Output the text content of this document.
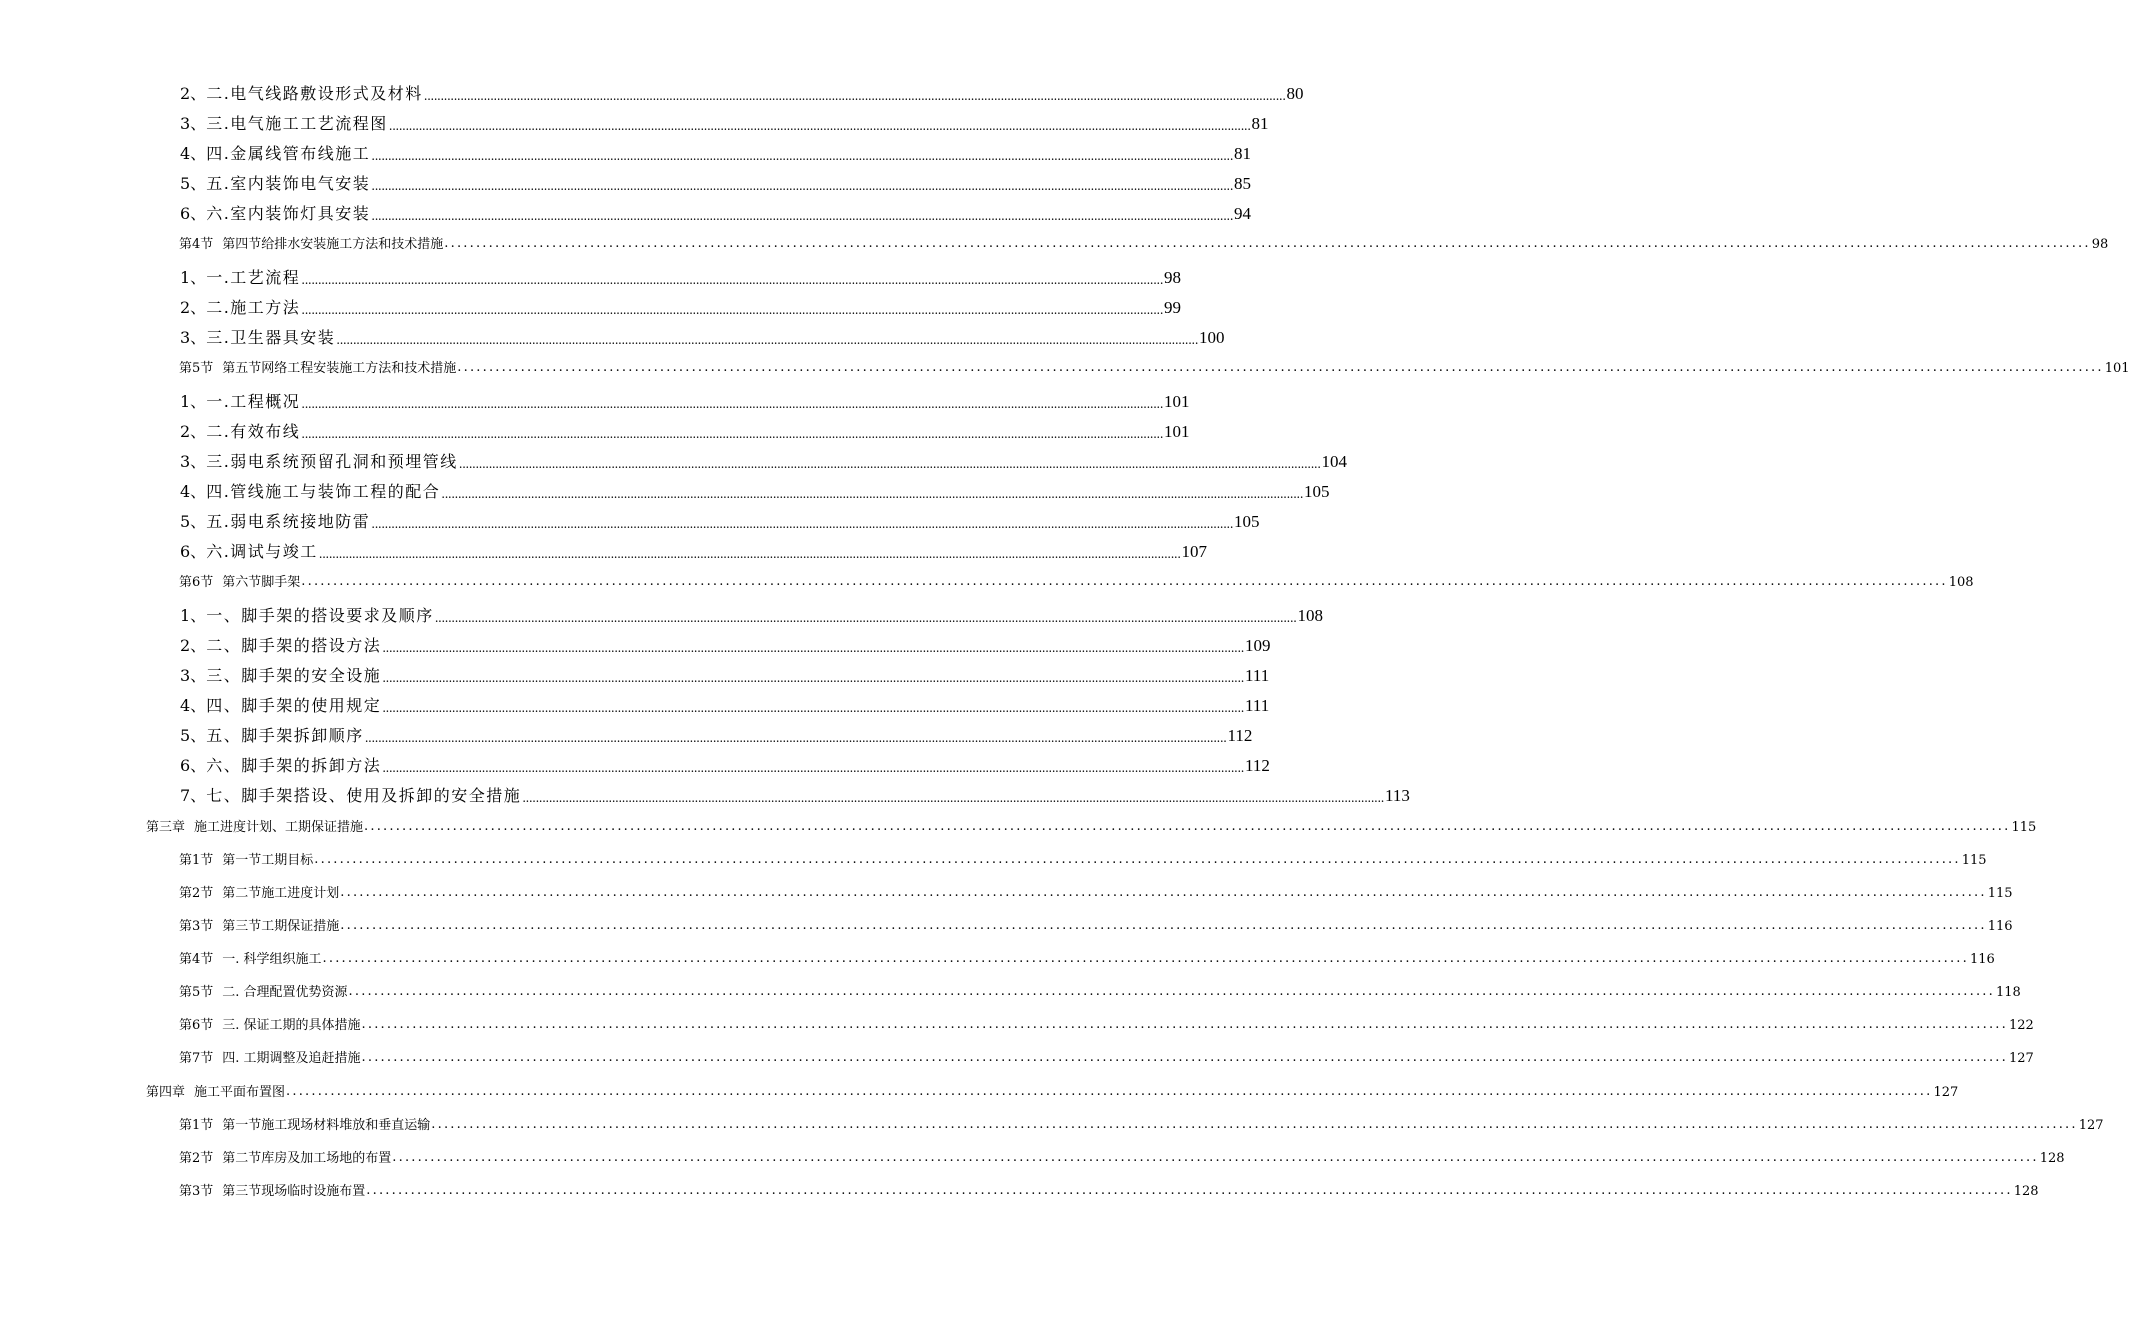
2、 二.电气线路敷设形式及材料 .................................................................................................................................................................................................................................................................... 80
3、 三.电气施工工艺流程图 .................................................................................................................................................................................................................................................................... 81
4、 四.金属线管布线施工 .................................................................................................................................................................................................................................................................... 81
5、 五.室内装饰电气安装 .................................................................................................................................................................................................................................................................... 85
6、 六.室内装饰灯具安装 .................................................................................................................................................................................................................................................................... 94
第4节 第四节给排水安装施工方法和技术措施 .................................................................................................................................................................................................................................................................... 98
1、 一.工艺流程 .................................................................................................................................................................................................................................................................... 98
2、 二.施工方法 .................................................................................................................................................................................................................................................................... 99
3、 三.卫生器具安装 .................................................................................................................................................................................................................................................................... 100
第5节 第五节网络工程安装施工方法和技术措施 .................................................................................................................................................................................................................................................................... 101
1、 一.工程概况 .................................................................................................................................................................................................................................................................... 101
2、 二.有效布线 .................................................................................................................................................................................................................................................................... 101
3、 三.弱电系统预留孔洞和预埋管线 .................................................................................................................................................................................................................................................................... 104
4、 四.管线施工与装饰工程的配合 .................................................................................................................................................................................................................................................................... 105
5、 五.弱电系统接地防雷 .................................................................................................................................................................................................................................................................... 105
6、 六.调试与竣工 .................................................................................................................................................................................................................................................................... 107
第6节 第六节脚手架 .................................................................................................................................................................................................................................................................... 108
1、 一、脚手架的搭设要求及顺序 .................................................................................................................................................................................................................................................................... 108
2、 二、脚手架的搭设方法 .................................................................................................................................................................................................................................................................... 109
3、 三、脚手架的安全设施 .................................................................................................................................................................................................................................................................... 111
4、 四、脚手架的使用规定 .................................................................................................................................................................................................................................................................... 111
5、 五、脚手架拆卸顺序 .................................................................................................................................................................................................................................................................... 112
6、 六、脚手架的拆卸方法 .................................................................................................................................................................................................................................................................... 112
7、 七、脚手架搭设、使用及拆卸的安全措施 .................................................................................................................................................................................................................................................................... 113
第三章 施工进度计划、工期保证措施 .................................................................................................................................................................................................................................................................... 115
第1节 第一节工期目标 .................................................................................................................................................................................................................................................................... 115
第2节 第二节施工进度计划 .................................................................................................................................................................................................................................................................... 115
第3节 第三节工期保证措施 .................................................................................................................................................................................................................................................................... 116
第4节 一. 科学组织施工 .................................................................................................................................................................................................................................................................... 116
第5节 二. 合理配置优势资源 .................................................................................................................................................................................................................................................................... 118
第6节 三. 保证工期的具体措施 .................................................................................................................................................................................................................................................................... 122
第7节 四. 工期调整及追赶措施 .................................................................................................................................................................................................................................................................... 127
第四章 施工平面布置图 .................................................................................................................................................................................................................................................................... 127
第1节 第一节施工现场材料堆放和垂直运输 .................................................................................................................................................................................................................................................................... 127
第2节 第二节库房及加工场地的布置 .................................................................................................................................................................................................................................................................... 128
第3节 第三节现场临时设施布置 .................................................................................................................................................................................................................................................................... 128
